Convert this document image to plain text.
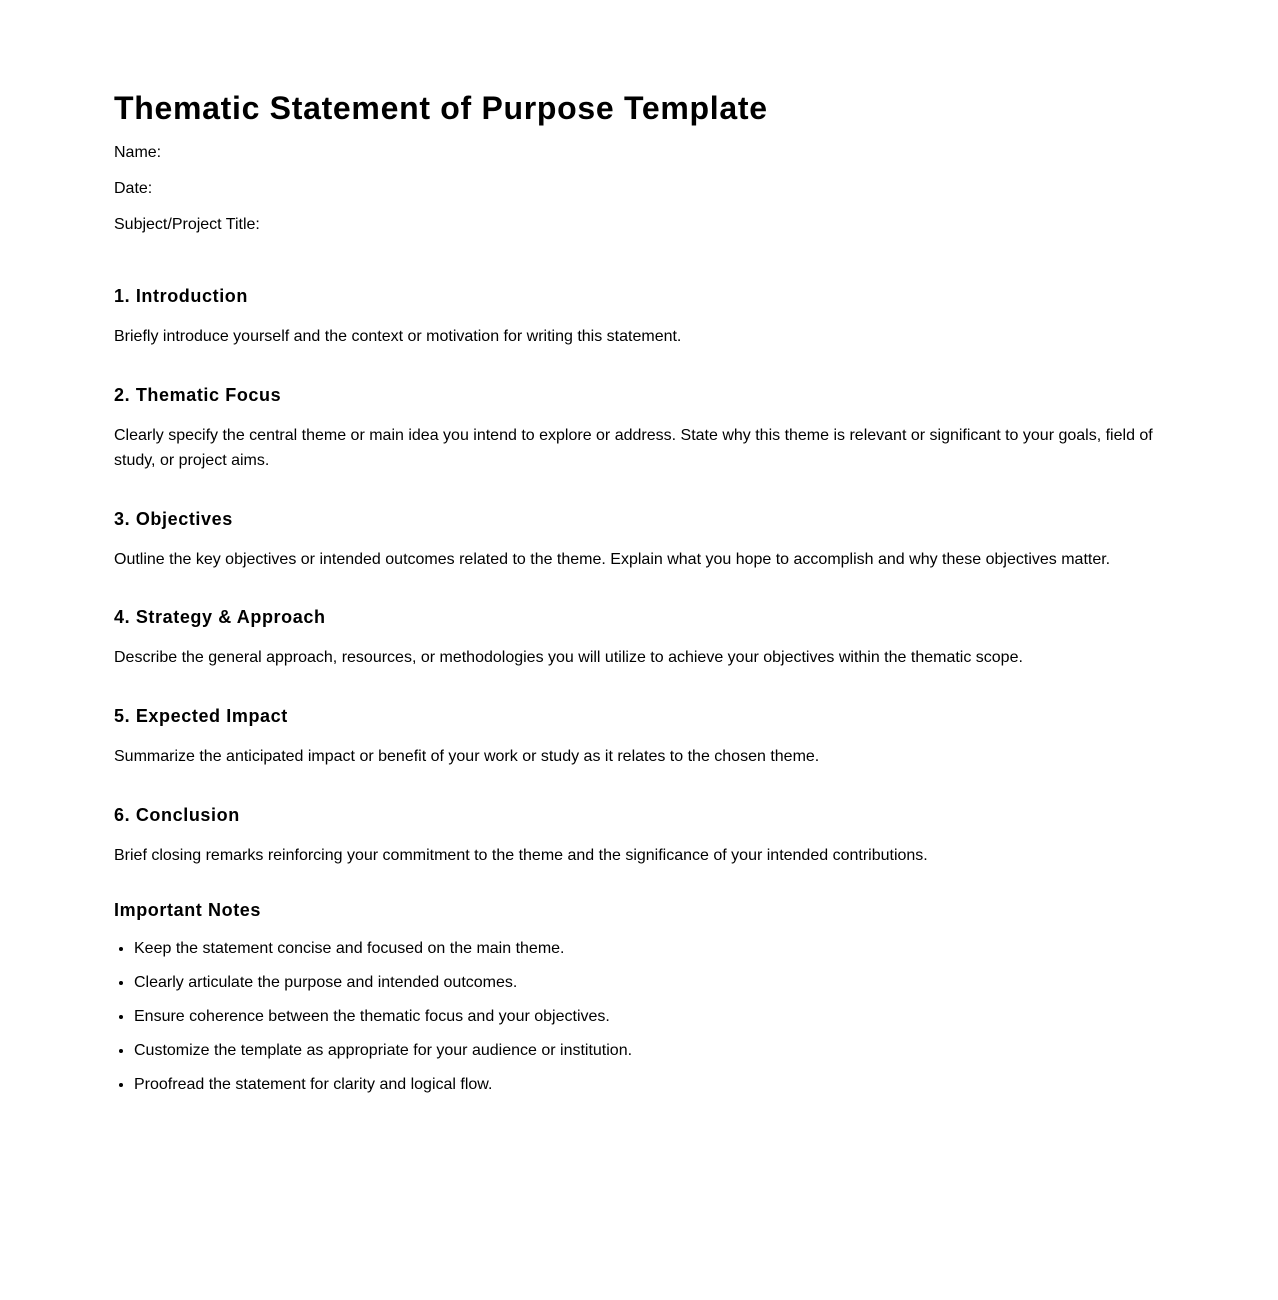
Thematic Statement of Purpose Template
Name:
Date:
Subject/Project Title:
1. Introduction

Briefly introduce yourself and the context or motivation for writing this statement.

2. Thematic Focus

Clearly specify the central theme or main idea you intend to explore or address. State why this theme is relevant or significant to your goals, field of study, or project aims.

3. Objectives

Outline the key objectives or intended outcomes related to the theme. Explain what you hope to accomplish and why these objectives matter.

4. Strategy & Approach

Describe the general approach, resources, or methodologies you will utilize to achieve your objectives within the thematic scope.

5. Expected Impact

Summarize the anticipated impact or benefit of your work or study as it relates to the chosen theme.

6. Conclusion

Brief closing remarks reinforcing your commitment to the theme and the significance of your intended contributions.

Important Notes
• Keep the statement concise and focused on the main theme.
• Clearly articulate the purpose and intended outcomes.
• Ensure coherence between the thematic focus and your objectives.
• Customize the template as appropriate for your audience or institution.
• Proofread the statement for clarity and logical flow.
